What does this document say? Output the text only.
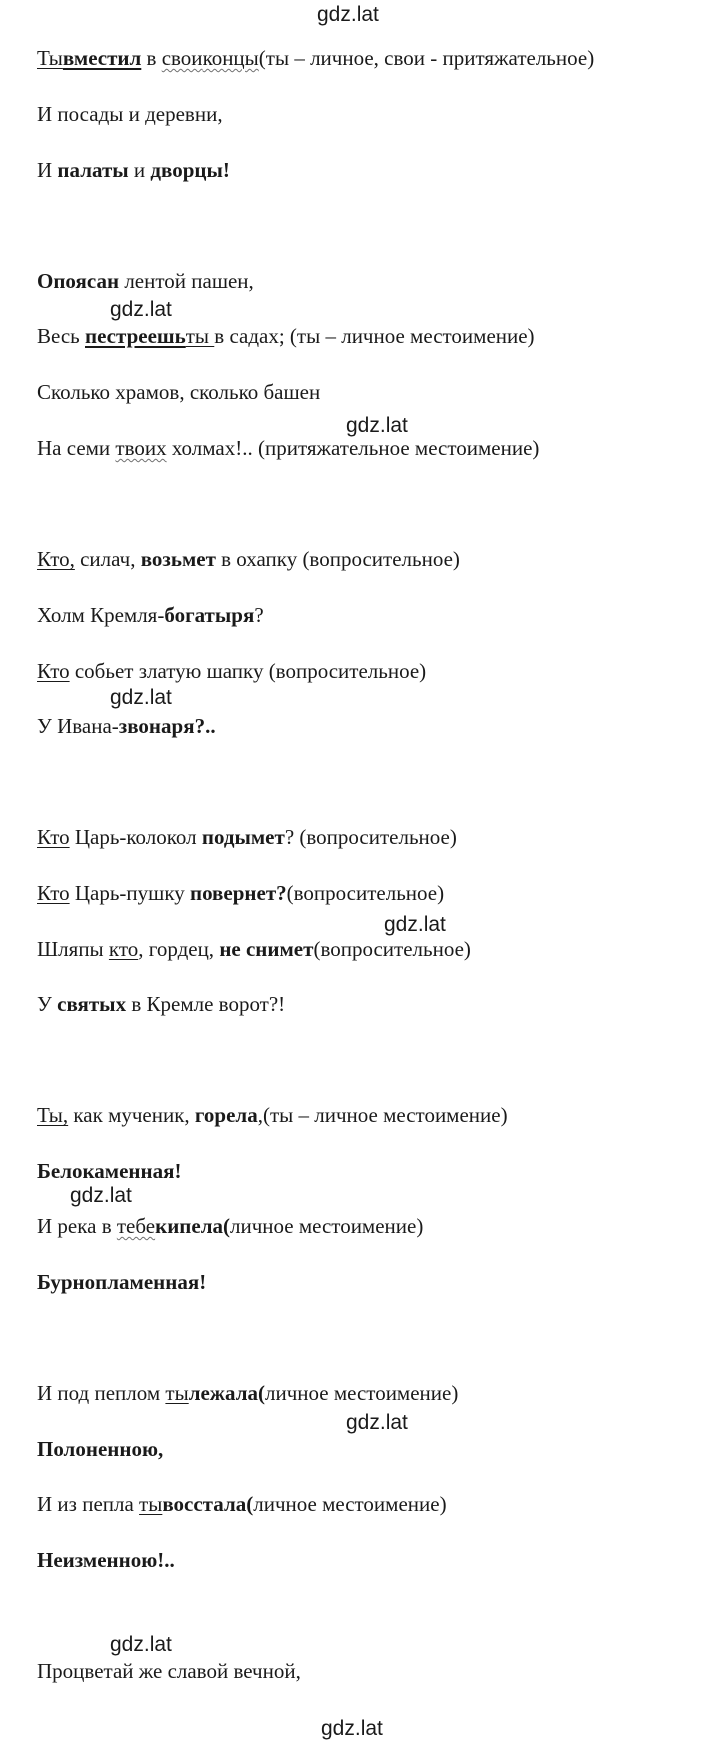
gdz.lat
gdz.lat
gdz.lat
gdz.lat
gdz.lat
gdz.lat
gdz.lat
gdz.lat
gdz.lat

Тывместил в своиконцы(ты – личное, свои - притяжательное)

И посады и деревни,

И палаты и дворцы!

Опоясан лентой пашен,

Весь пестреешьты в садах; (ты – личное местоимение)

Сколько храмов, сколько башен

На семи твоих холмах!.. (притяжательное местоимение)

Кто, силач, возьмет в охапку (вопросительное)

Холм Кремля-богатыря?

Кто собьет златую шапку (вопросительное)

У Ивана-звонаря?..

Кто Царь-колокол подымет? (вопросительное)

Кто Царь-пушку повернет?(вопросительное)

Шляпы кто, гордец, не снимет(вопросительное)

У святых в Кремле ворот?!

Ты, как мученик, горела,(ты – личное местоимение)

Белокаменная!

И река в тебекипела(личное местоимение)

Бурнопламенная!

И под пеплом тылежала(личное местоимение)

Полоненною,

И из пепла тывосстала(личное местоимение)

Неизменною!..

Процветай же славой вечной,
